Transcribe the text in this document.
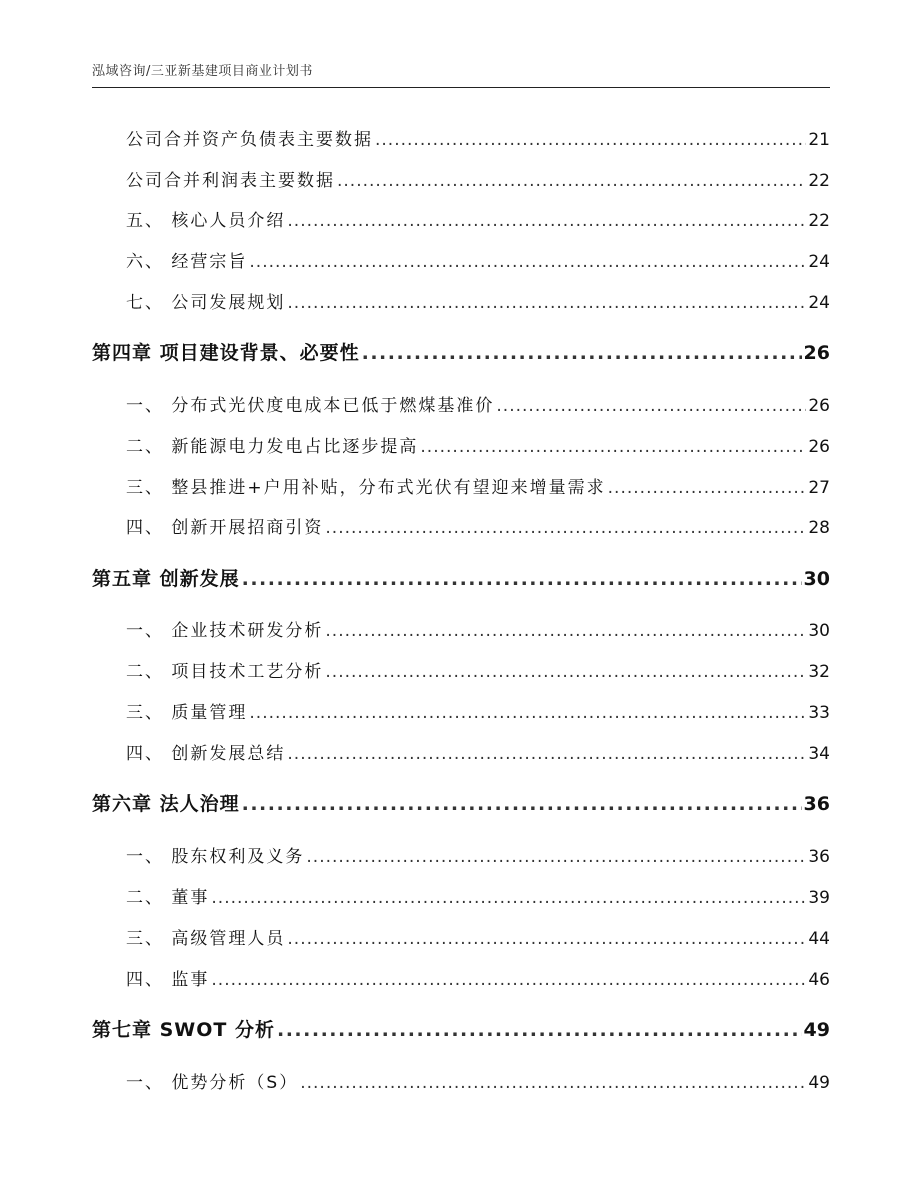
泓域咨询/三亚新基建项目商业计划书
公司合并资产负债表主要数据 .....	21
公司合并利润表主要数据 .....	22
五、 核心人员介绍 .....	22
六、 经营宗旨 .....	24
七、 公司发展规划 .....	24
第四章 项目建设背景、必要性 .....	26
一、 分布式光伏度电成本已低于燃煤基准价 .....	26
二、 新能源电力发电占比逐步提高 .....	26
三、 整县推进+户用补贴，分布式光伏有望迎来增量需求 .....	27
四、 创新开展招商引资 .....	28
第五章 创新发展 .....	30
一、 企业技术研发分析 .....	30
二、 项目技术工艺分析 .....	32
三、 质量管理 .....	33
四、 创新发展总结 .....	34
第六章 法人治理 .....	36
一、 股东权利及义务 .....	36
二、 董事 .....	39
三、 高级管理人员 .....	44
四、 监事 .....	46
第七章 SWOT 分析 .....	49
一、 优势分析（S） .....	49
